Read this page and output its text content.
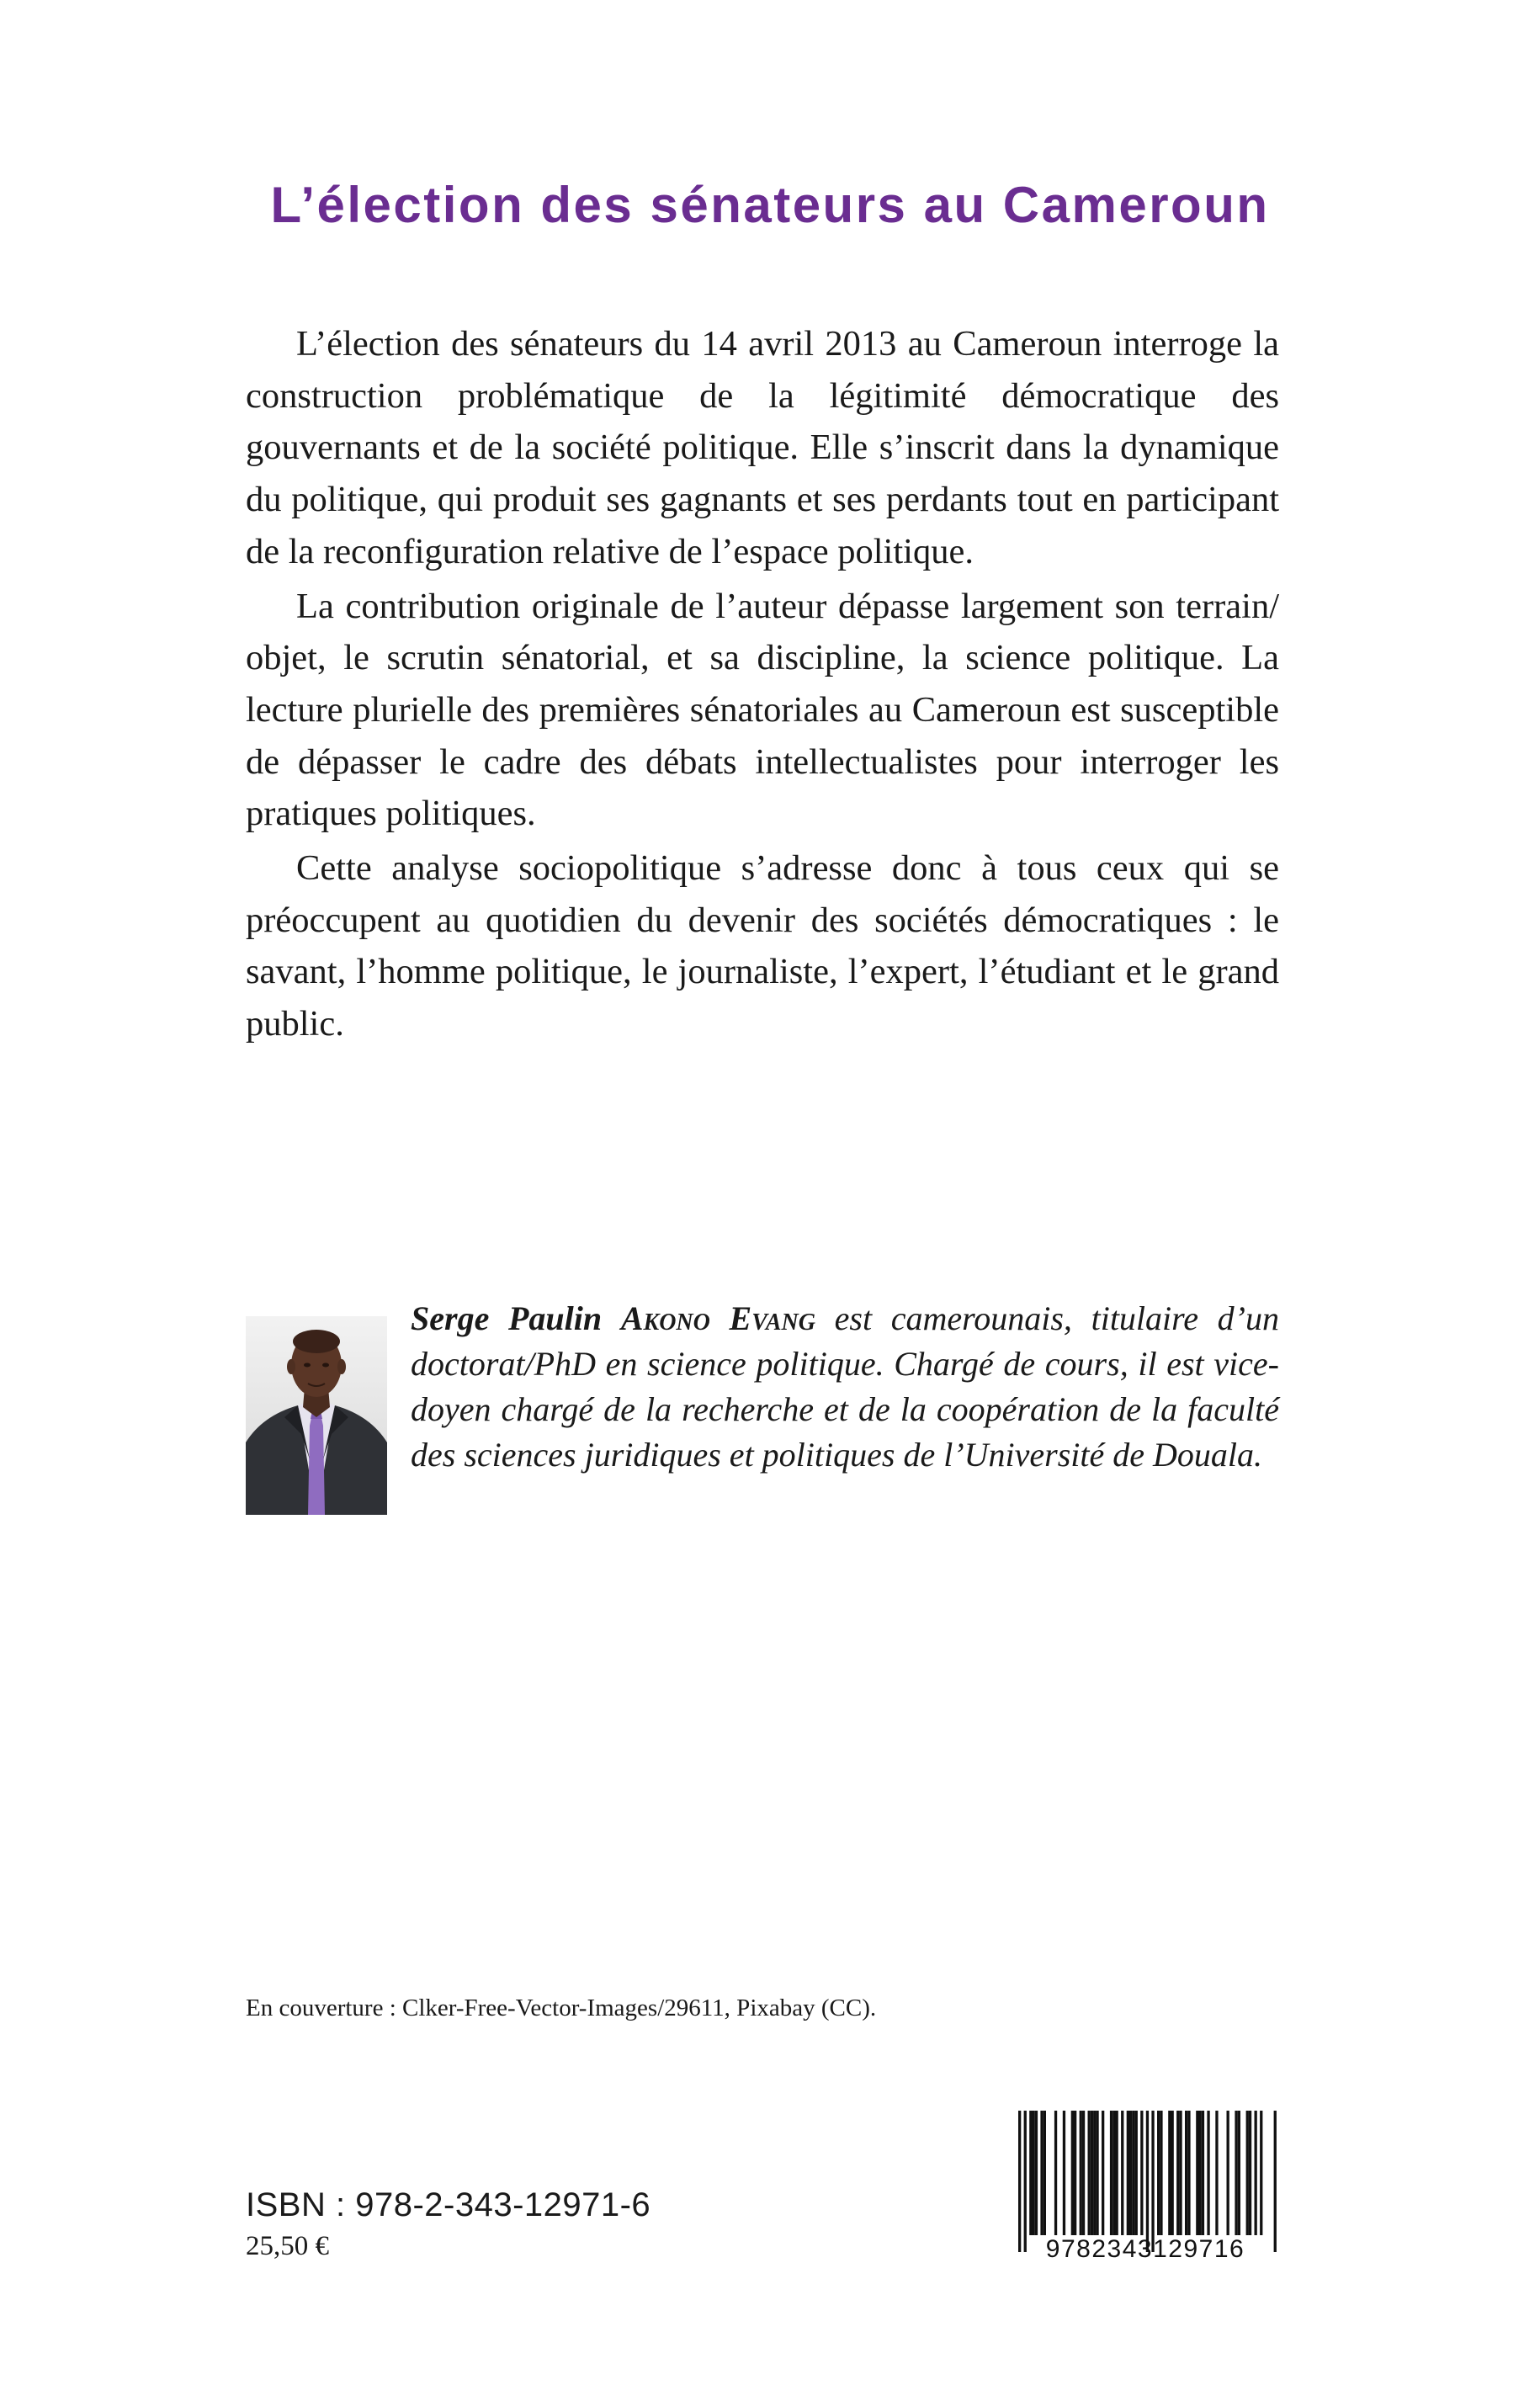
L’élection des sénateurs au Cameroun

L’élection des sénateurs du 14 avril 2013 au Cameroun interroge la construction problématique de la légitimité démocratique des gouvernants et de la société politique. Elle s’inscrit dans la dynamique du politique, qui produit ses gagnants et ses perdants tout en participant de la reconfiguration relative de l’espace politique.

La contribution originale de l’auteur dépasse largement son terrain/ objet, le scrutin sénatorial, et sa discipline, la science politique. La lecture plurielle des premières sénatoriales au Cameroun est susceptible de dépasser le cadre des débats intellectualistes pour interroger les pratiques politiques.

Cette analyse sociopolitique s’adresse donc à tous ceux qui se préoccupent au quotidien du devenir des sociétés démocratiques : le savant, l’homme politique, le journaliste, l’expert, l’étudiant et le grand public.

Serge Paulin Akono Evang est camerounais, titulaire d’un doctorat/PhD en science politique. Chargé de cours, il est vice-doyen chargé de la recherche et de la coopération de la faculté des sciences juridiques et politiques de l’Université de Douala.

En couverture : Clker-Free-Vector-Images/29611, Pixabay (CC).

ISBN : 978-2-343-12971-6
25,50 €	9782343129716
